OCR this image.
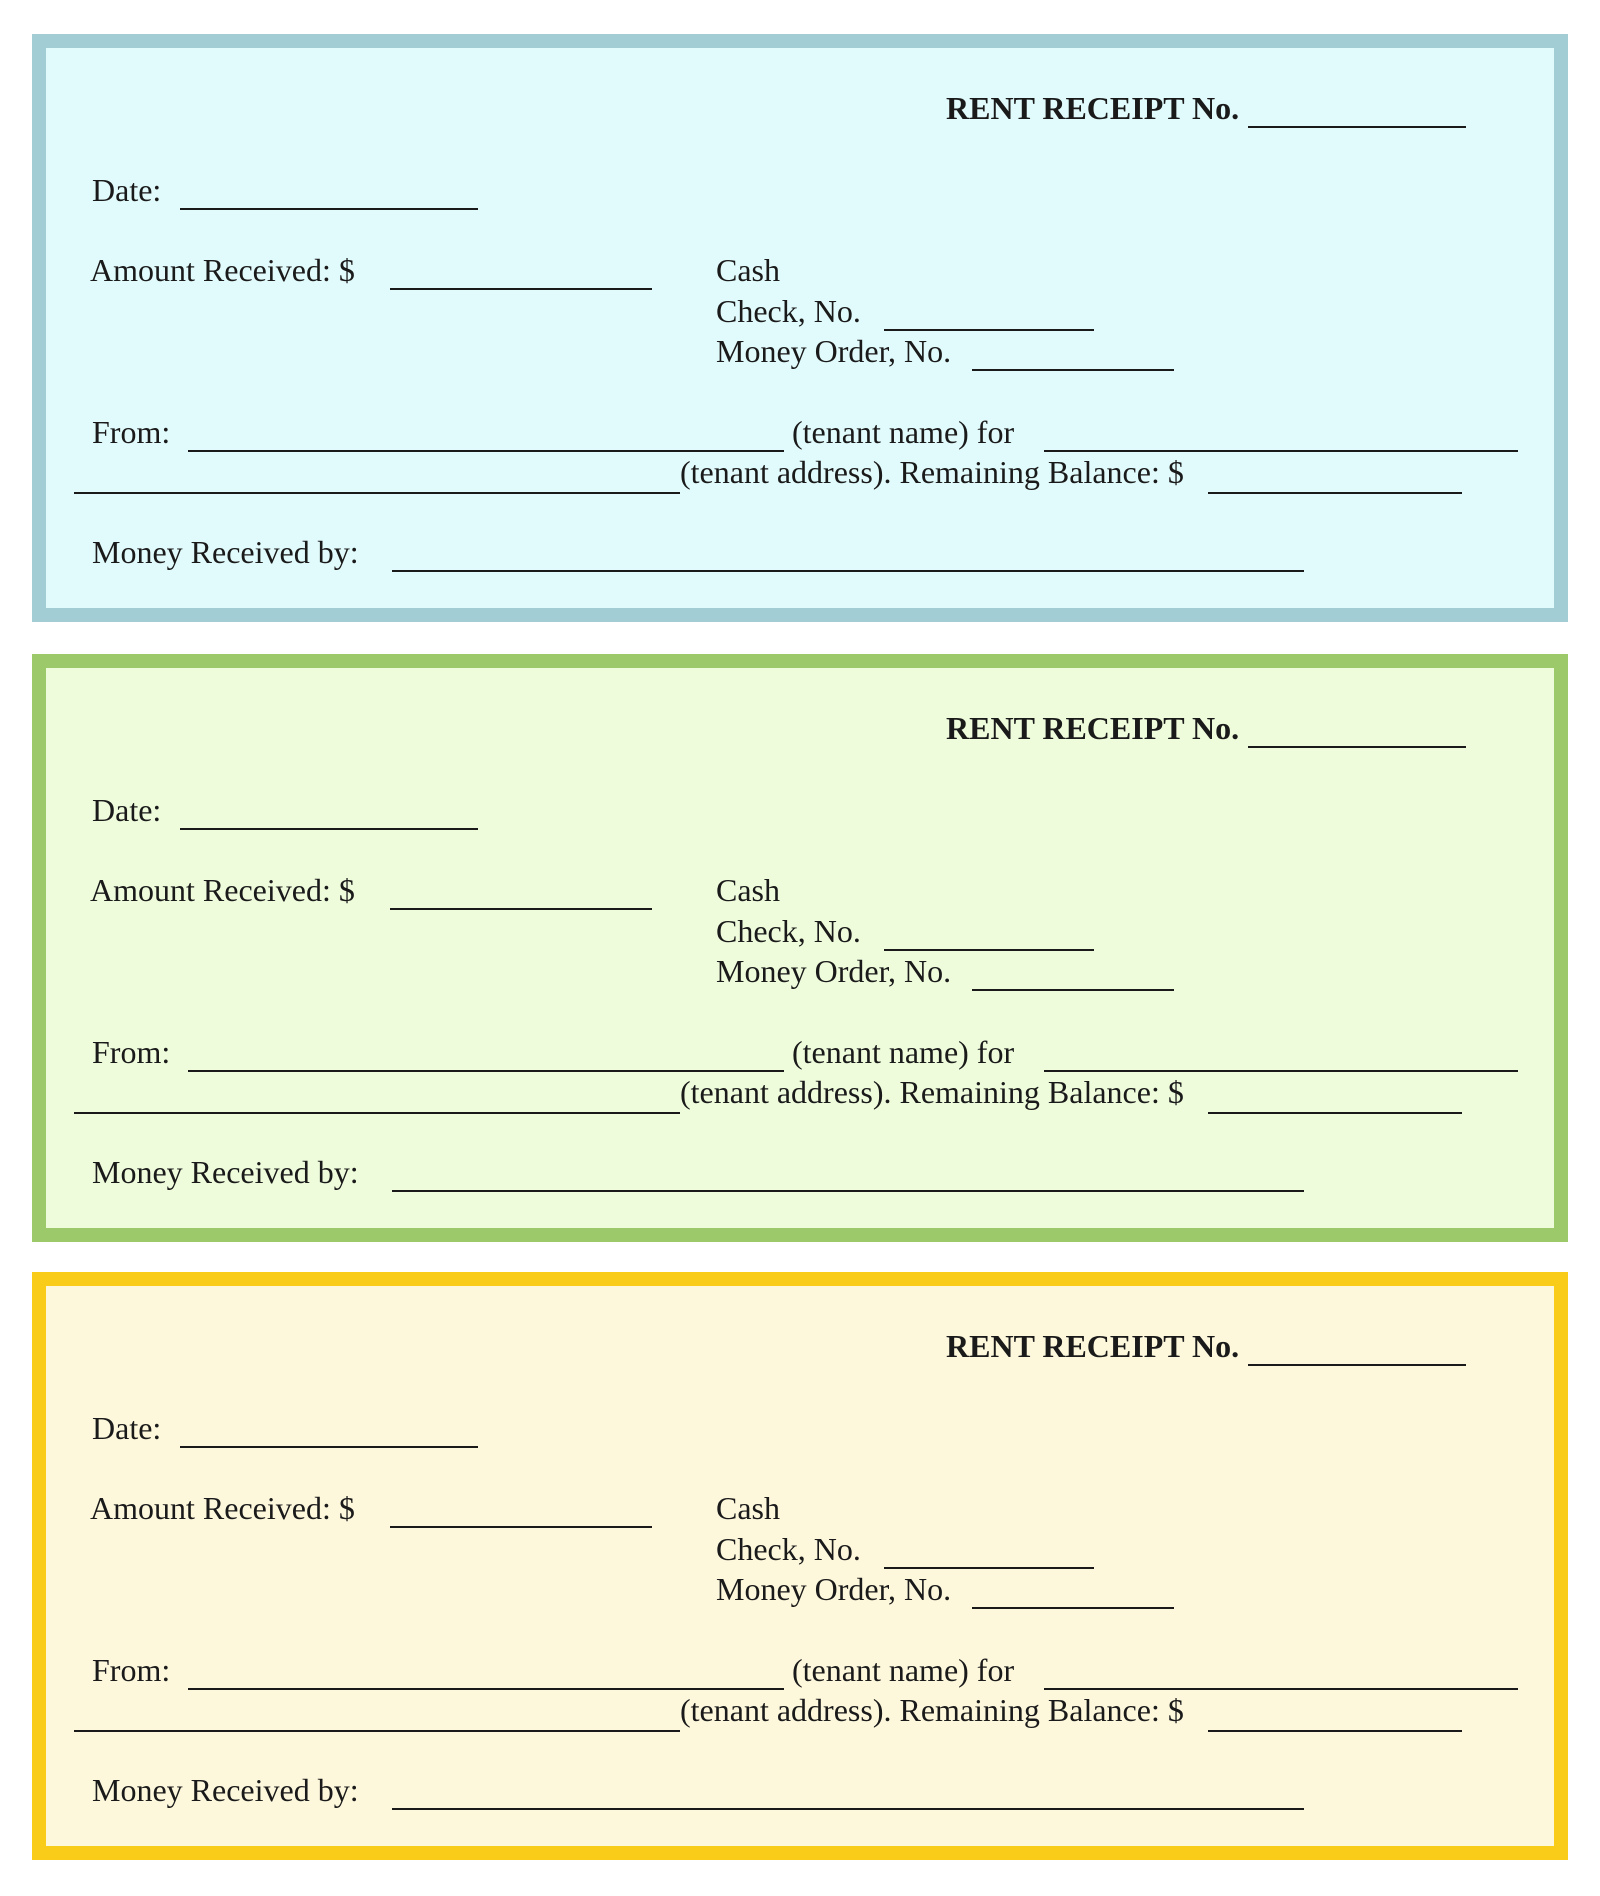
RENT RECEIPT No.
Date:
Amount Received: $	Cash
Check, No.
Money Order, No.
From:	(tenant name) for
(tenant address). Remaining Balance: $
Money Received by:
RENT RECEIPT No.
Date:
Amount Received: $	Cash
Check, No.
Money Order, No.
From:	(tenant name) for
(tenant address). Remaining Balance: $
Money Received by:
RENT RECEIPT No.
Date:
Amount Received: $	Cash
Check, No.
Money Order, No.
From:	(tenant name) for
(tenant address). Remaining Balance: $
Money Received by:
